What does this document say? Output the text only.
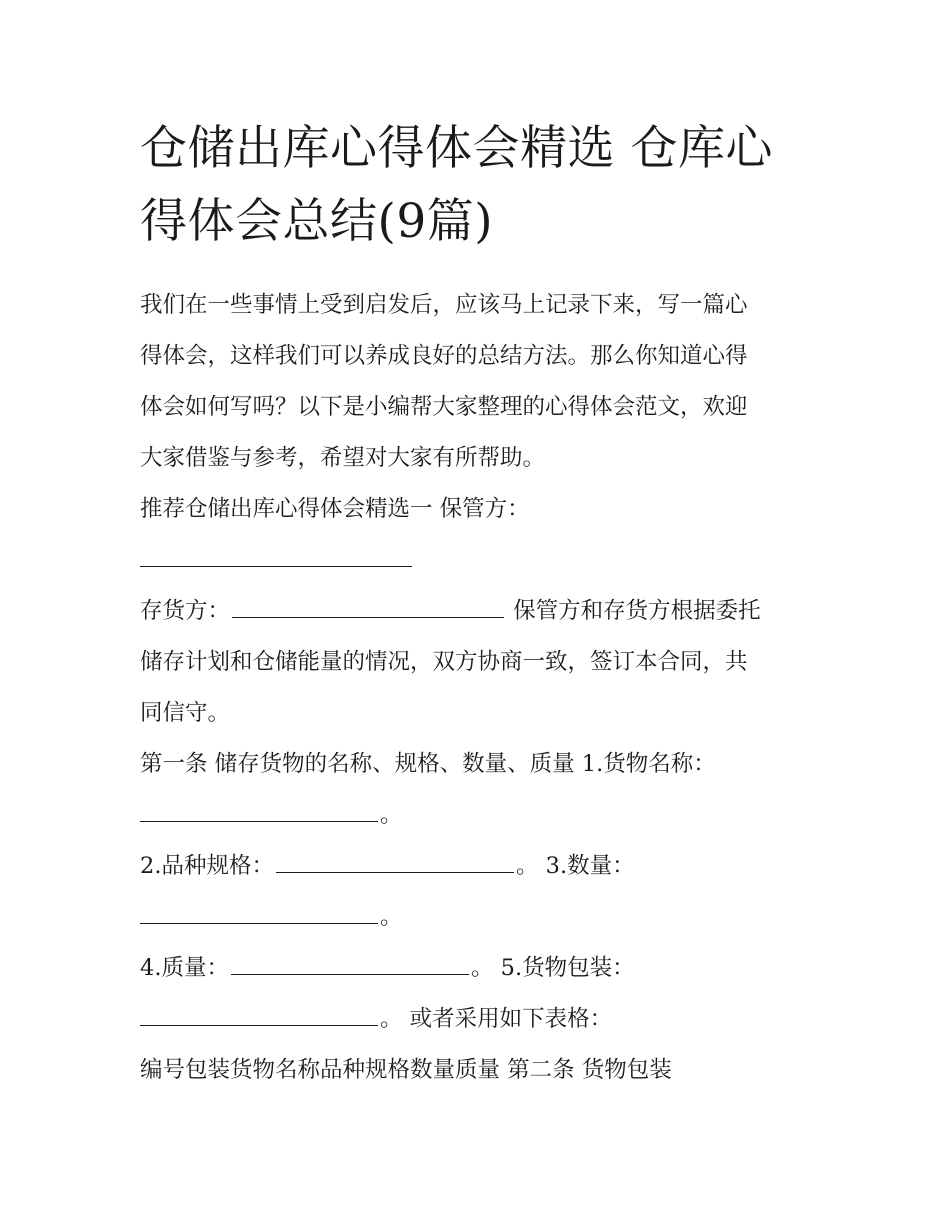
仓储出库心得体会精选 仓库心得体会总结(9篇)
我们在一些事情上受到启发后，应该马上记录下来，写一篇心
得体会，这样我们可以养成良好的总结方法。那么你知道心得
体会如何写吗？以下是小编帮大家整理的心得体会范文，欢迎
大家借鉴与参考，希望对大家有所帮助。
推荐仓储出库心得体会精选一 保管方：
存货方：	保管方和存货方根据委托
储存计划和仓储能量的情况，双方协商一致，签订本合同，共
同信守。
第一条 储存货物的名称、规格、数量、质量 1.货物名称：
。
2.品种规格：	。 3.数量：
。
4.质量：	。 5.货物包装：
。 或者采用如下表格：
编号包装货物名称品种规格数量质量 第二条 货物包装
